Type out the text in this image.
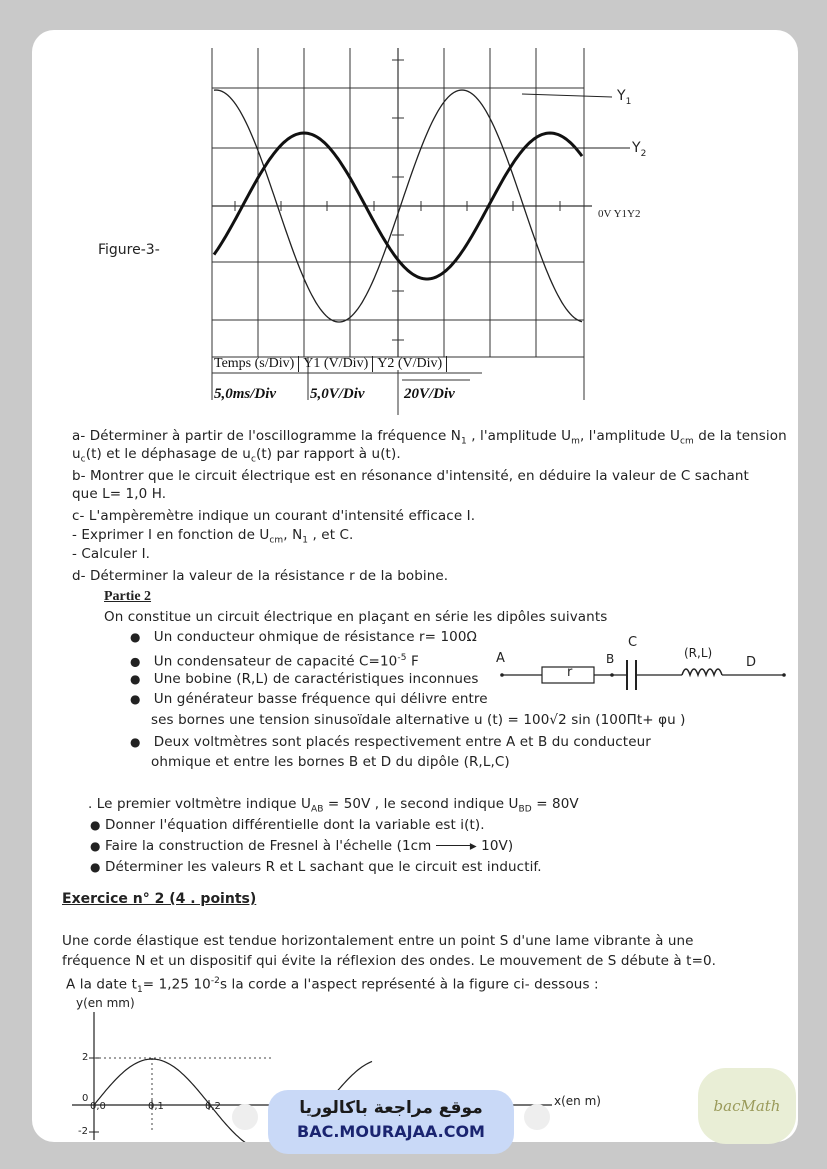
Figure-3-
$Y_1$
$Y_2$
0V Y1Y2
Temps (s/Div)	Y1 (V/Div)	Y2 (V/Div)
5,0ms/Div 5,0V/Div	20V/Div
a- Déterminer à partir de l'oscillogramme la fréquence $N_1$ , l'amplitude $U_m$, l'amplitude $U_{cm}$ de la tension
$u_c(t)$ et le déphasage de $u_c(t)$ par rapport à u(t).
b- Montrer que le circuit électrique est en résonance d'intensité, en déduire la valeur de C sachant
que L= 1,0 H.
c- L'ampèremètre indique un courant d'intensité efficace I.
- Exprimer I en fonction de $U_{cm}$, $N_1$ , et C.
- Calculer I.
d- Déterminer la valeur de la résistance r de la bobine.
Partie 2
On constitue un circuit électrique en plaçant en série les dipôles suivants
● Un conducteur ohmique de résistance r= 100Ω
● Un condensateur de capacité $C=10^{-5}$ F
● Une bobine (R,L) de caractéristiques inconnues
● Un générateur basse fréquence qui délivre entre
ses bornes une tension sinusoïdale alternative u (t) = 100√2 sin (100Πt+ φu )
● Deux voltmètres sont placés respectivement entre A et B du conducteur
ohmique et entre les bornes B et D du dipôle (R,L,C)
A	B
C
D
r
(R,L)
. Le premier voltmètre indique $U_{AB} = 50V$ , le second indique $U_{BD} = 80V$
● Donner l'équation différentielle dont la variable est i(t).
● Faire la construction de Fresnel à l'échelle (1cm	▸ 10V)
● Déterminer les valeurs R et L sachant que le circuit est inductif.
Exercice n° 2 (4 . points)
Une corde élastique est tendue horizontalement entre un point S d'une lame vibrante à une
fréquence N et un dispositif qui évite la réflexion des ondes. Le mouvement de S débute à t=0.
A la date $t_1= 1,25$ $10^{-2}s$ la corde a l'aspect représenté à la figure ci- dessous :
y(en mm)
x(en m)
2
0
-2
0,0	0,1	0,2	موقع مراجعة باكالوريا
BAC.MOURAJAA.COM
bacMath
